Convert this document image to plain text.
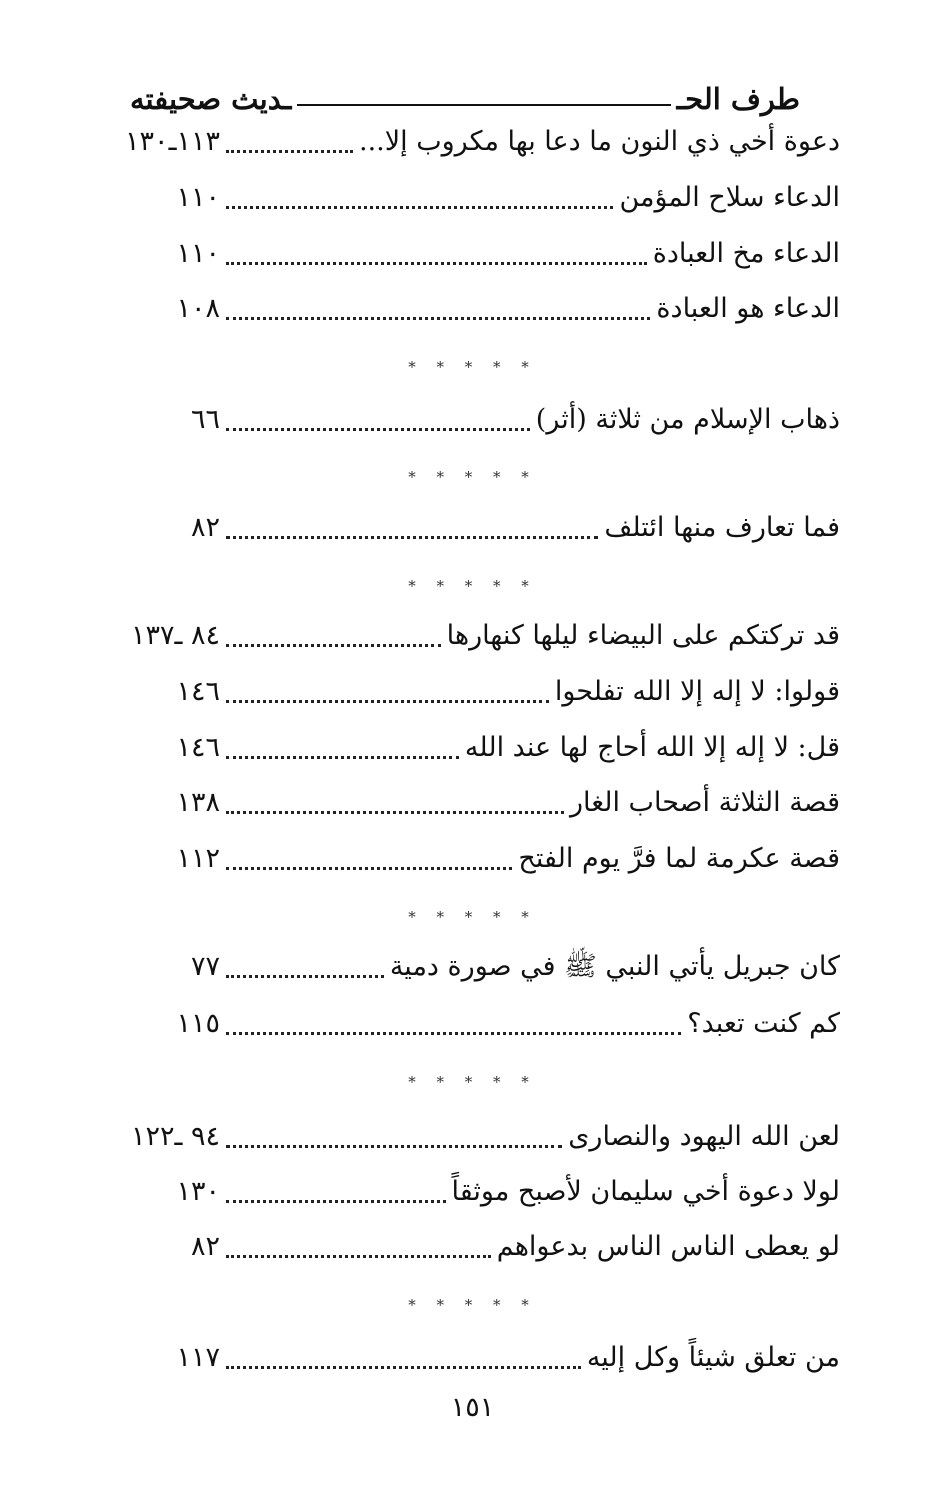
طرف الحـ
ـديث صحيفته
دعوة أخي ذي النون ما دعا بها مكروب إلا...
١١٣ـ١٣٠
الدعاء سلاح المؤمن
١١٠
الدعاء مخ العبادة
١١٠
الدعاء هو العبادة
١٠٨
* * * * *
ذهاب الإسلام من ثلاثة (أثر)
٦٦
* * * * *
فما تعارف منها ائتلف
٨٢
* * * * *
قد تركتكم على البيضاء ليلها كنهارها
٨٤ ـ١٣٧
قولوا: لا إله إلا الله تفلحوا
١٤٦
قل: لا إله إلا الله أحاج لها عند الله
١٤٦
قصة الثلاثة أصحاب الغار
١٣٨
قصة عكرمة لما فرَّ يوم الفتح
١١٢
* * * * *
كان جبريل يأتي النبي ﷺ في صورة دمية
٧٧
كم كنت تعبد؟
١١٥
* * * * *
لعن الله اليهود والنصارى
٩٤ ـ١٢٢
لولا دعوة أخي سليمان لأصبح موثقاً
١٣٠
لو يعطى الناس الناس بدعواهم
٨٢
* * * * *
من تعلق شيئاً وكل إليه
١١٧
١٥١
